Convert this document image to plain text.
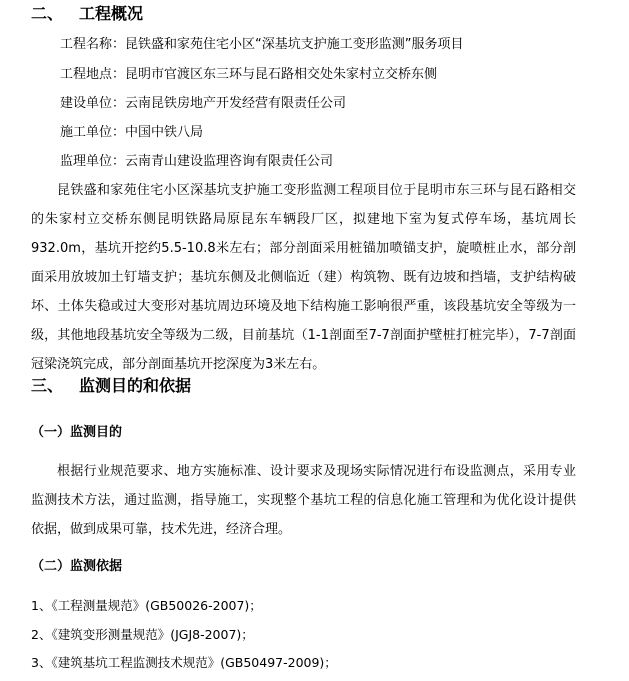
二、 工程概况
工程名称：昆铁盛和家苑住宅小区“深基坑支护施工变形监测”服务项目
工程地点：昆明市官渡区东三环与昆石路相交处朱家村立交桥东侧
建设单位：云南昆铁房地产开发经营有限责任公司
施工单位：中国中铁八局
监理单位：云南青山建设监理咨询有限责任公司
昆铁盛和家苑住宅小区深基坑支护施工变形监测工程项目位于昆明市东三环与昆石路相交的朱家村立交桥东侧昆明铁路局原昆东车辆段厂区，拟建地下室为复式停车场，基坑周长932.0m，基坑开挖约5.5-10.8米左右；部分剖面采用桩锚加喷锚支护，旋喷桩止水，部分剖面采用放坡加土钉墙支护；基坑东侧及北侧临近（建）构筑物、既有边坡和挡墙，支护结构破坏、土体失稳或过大变形对基坑周边环境及地下结构施工影响很严重，该段基坑安全等级为一级，其他地段基坑安全等级为二级，目前基坑（1-1剖面至7-7剖面护壁桩打桩完毕），7-7剖面冠梁浇筑完成，部分剖面基坑开挖深度为3米左右。
三、 监测目的和依据
（一）监测目的
根据行业规范要求、地方实施标准、设计要求及现场实际情况进行布设监测点，采用专业监测技术方法，通过监测，指导施工，实现整个基坑工程的信息化施工管理和为优化设计提供依据，做到成果可靠，技术先进，经济合理。
（二）监测依据
1、《工程测量规范》(GB50026-2007)；
2、《建筑变形测量规范》(JGJ8-2007)；
3、《建筑基坑工程监测技术规范》(GB50497-2009)；
